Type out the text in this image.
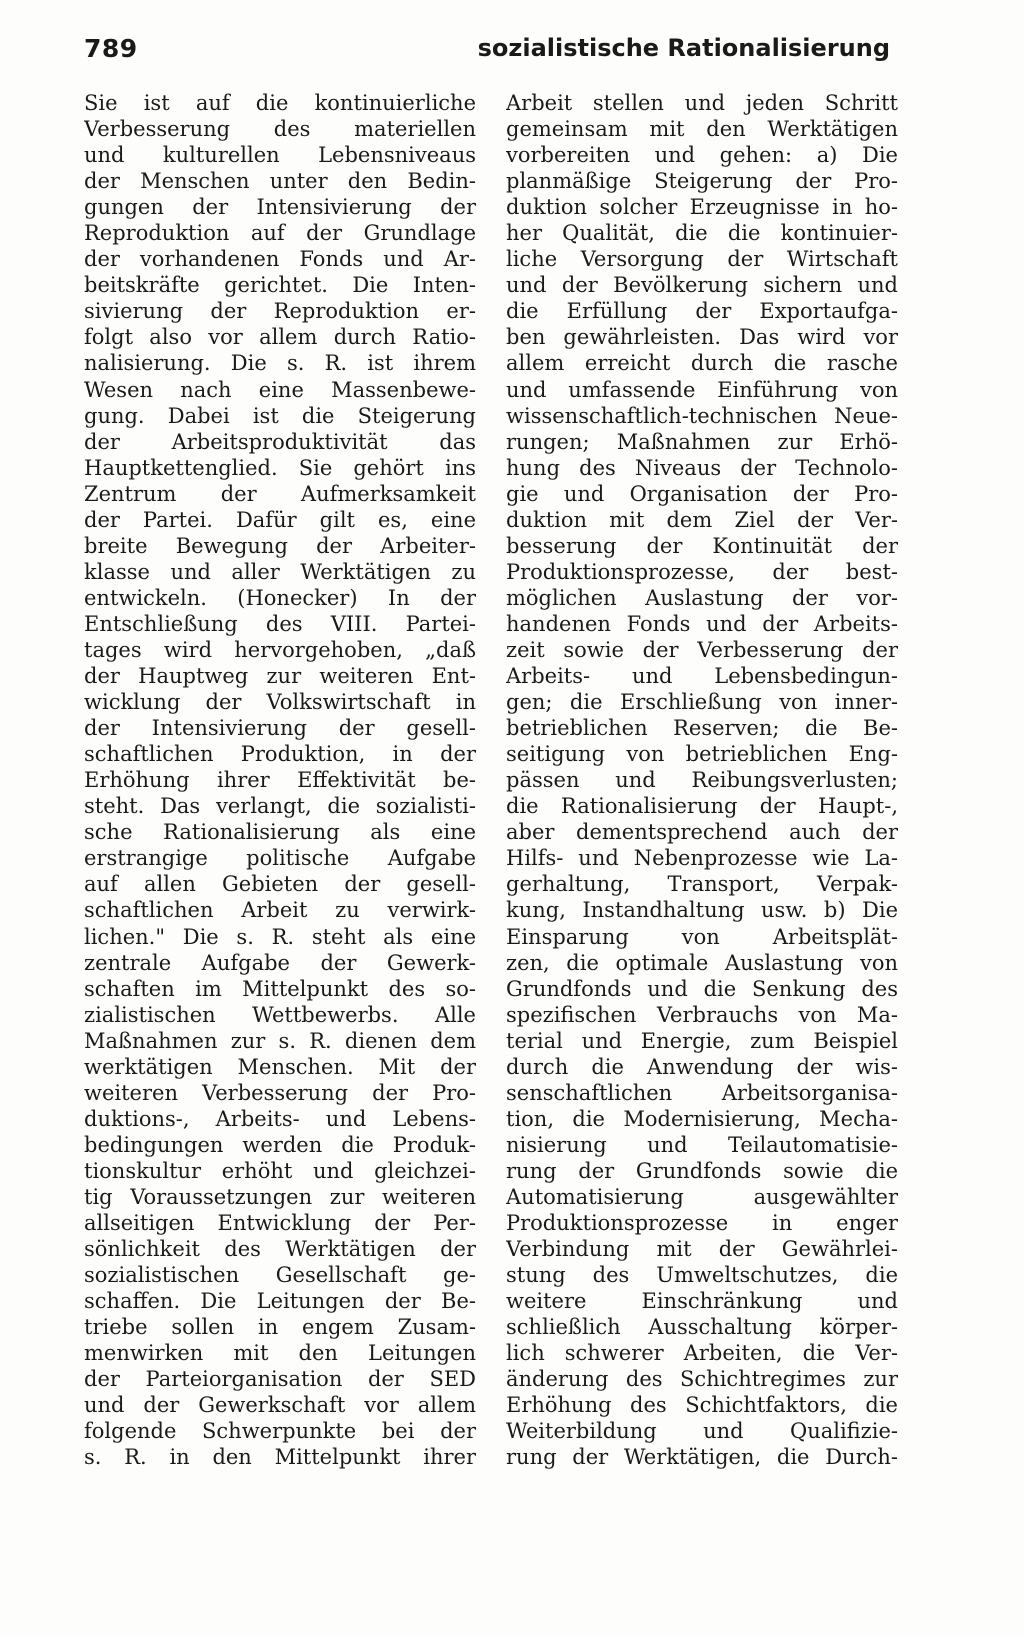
789	sozialistische Rationalisierung
Sie ist auf die kontinuierliche
Verbesserung des materiellen
und kulturellen Lebensniveaus
der Menschen unter den Bedin-
gungen der Intensivierung der
Reproduktion auf der Grundlage
der vorhandenen Fonds und Ar-
beitskräfte gerichtet. Die Inten-
sivierung der Reproduktion er-
folgt also vor allem durch Ratio-
nalisierung. Die s. R. ist ihrem
Wesen nach eine Massenbewe-
gung. Dabei ist die Steigerung
der Arbeitsproduktivität das
Hauptkettenglied. Sie gehört ins
Zentrum der Aufmerksamkeit
der Partei. Dafür gilt es, eine
breite Bewegung der Arbeiter-
klasse und aller Werktätigen zu
entwickeln. (Honecker) In der
Entschließung des VIII. Partei-
tages wird hervorgehoben, „daß
der Hauptweg zur weiteren Ent-
wicklung der Volkswirtschaft in
der Intensivierung der gesell-
schaftlichen Produktion, in der
Erhöhung ihrer Effektivität be-
steht. Das verlangt, die sozialisti-
sche Rationalisierung als eine
erstrangige politische Aufgabe
auf allen Gebieten der gesell-
schaftlichen Arbeit zu verwirk-
lichen." Die s. R. steht als eine
zentrale Aufgabe der Gewerk-
schaften im Mittelpunkt des so-
zialistischen Wettbewerbs. Alle
Maßnahmen zur s. R. dienen dem
werktätigen Menschen. Mit der
weiteren Verbesserung der Pro-
duktions-, Arbeits- und Lebens-
bedingungen werden die Produk-
tionskultur erhöht und gleichzei-
tig Voraussetzungen zur weiteren
allseitigen Entwicklung der Per-
sönlichkeit des Werktätigen der
sozialistischen Gesellschaft ge-
schaffen. Die Leitungen der Be-
triebe sollen in engem Zusam-
menwirken mit den Leitungen
der Parteiorganisation der SED
und der Gewerkschaft vor allem
folgende Schwerpunkte bei der
s. R. in den Mittelpunkt ihrer
Arbeit stellen und jeden Schritt
gemeinsam mit den Werktätigen
vorbereiten und gehen: a) Die
planmäßige Steigerung der Pro-
duktion solcher Erzeugnisse in ho-
her Qualität, die die kontinuier-
liche Versorgung der Wirtschaft
und der Bevölkerung sichern und
die Erfüllung der Exportaufga-
ben gewährleisten. Das wird vor
allem erreicht durch die rasche
und umfassende Einführung von
wissenschaftlich-technischen Neue-
rungen; Maßnahmen zur Erhö-
hung des Niveaus der Technolo-
gie und Organisation der Pro-
duktion mit dem Ziel der Ver-
besserung der Kontinuität der
Produktionsprozesse, der best-
möglichen Auslastung der vor-
handenen Fonds und der Arbeits-
zeit sowie der Verbesserung der
Arbeits- und Lebensbedingun-
gen; die Erschließung von inner-
betrieblichen Reserven; die Be-
seitigung von betrieblichen Eng-
pässen und Reibungsverlusten;
die Rationalisierung der Haupt-,
aber dementsprechend auch der
Hilfs- und Nebenprozesse wie La-
gerhaltung, Transport, Verpak-
kung, Instandhaltung usw. b) Die
Einsparung von Arbeitsplät-
zen, die optimale Auslastung von
Grundfonds und die Senkung des
spezifischen Verbrauchs von Ma-
terial und Energie, zum Beispiel
durch die Anwendung der wis-
senschaftlichen Arbeitsorganisa-
tion, die Modernisierung, Mecha-
nisierung und Teilautomatisie-
rung der Grundfonds sowie die
Automatisierung ausgewählter
Produktionsprozesse in enger
Verbindung mit der Gewährlei-
stung des Umweltschutzes, die
weitere Einschränkung und
schließlich Ausschaltung körper-
lich schwerer Arbeiten, die Ver-
änderung des Schichtregimes zur
Erhöhung des Schichtfaktors, die
Weiterbildung und Qualifizie-
rung der Werktätigen, die Durch-
